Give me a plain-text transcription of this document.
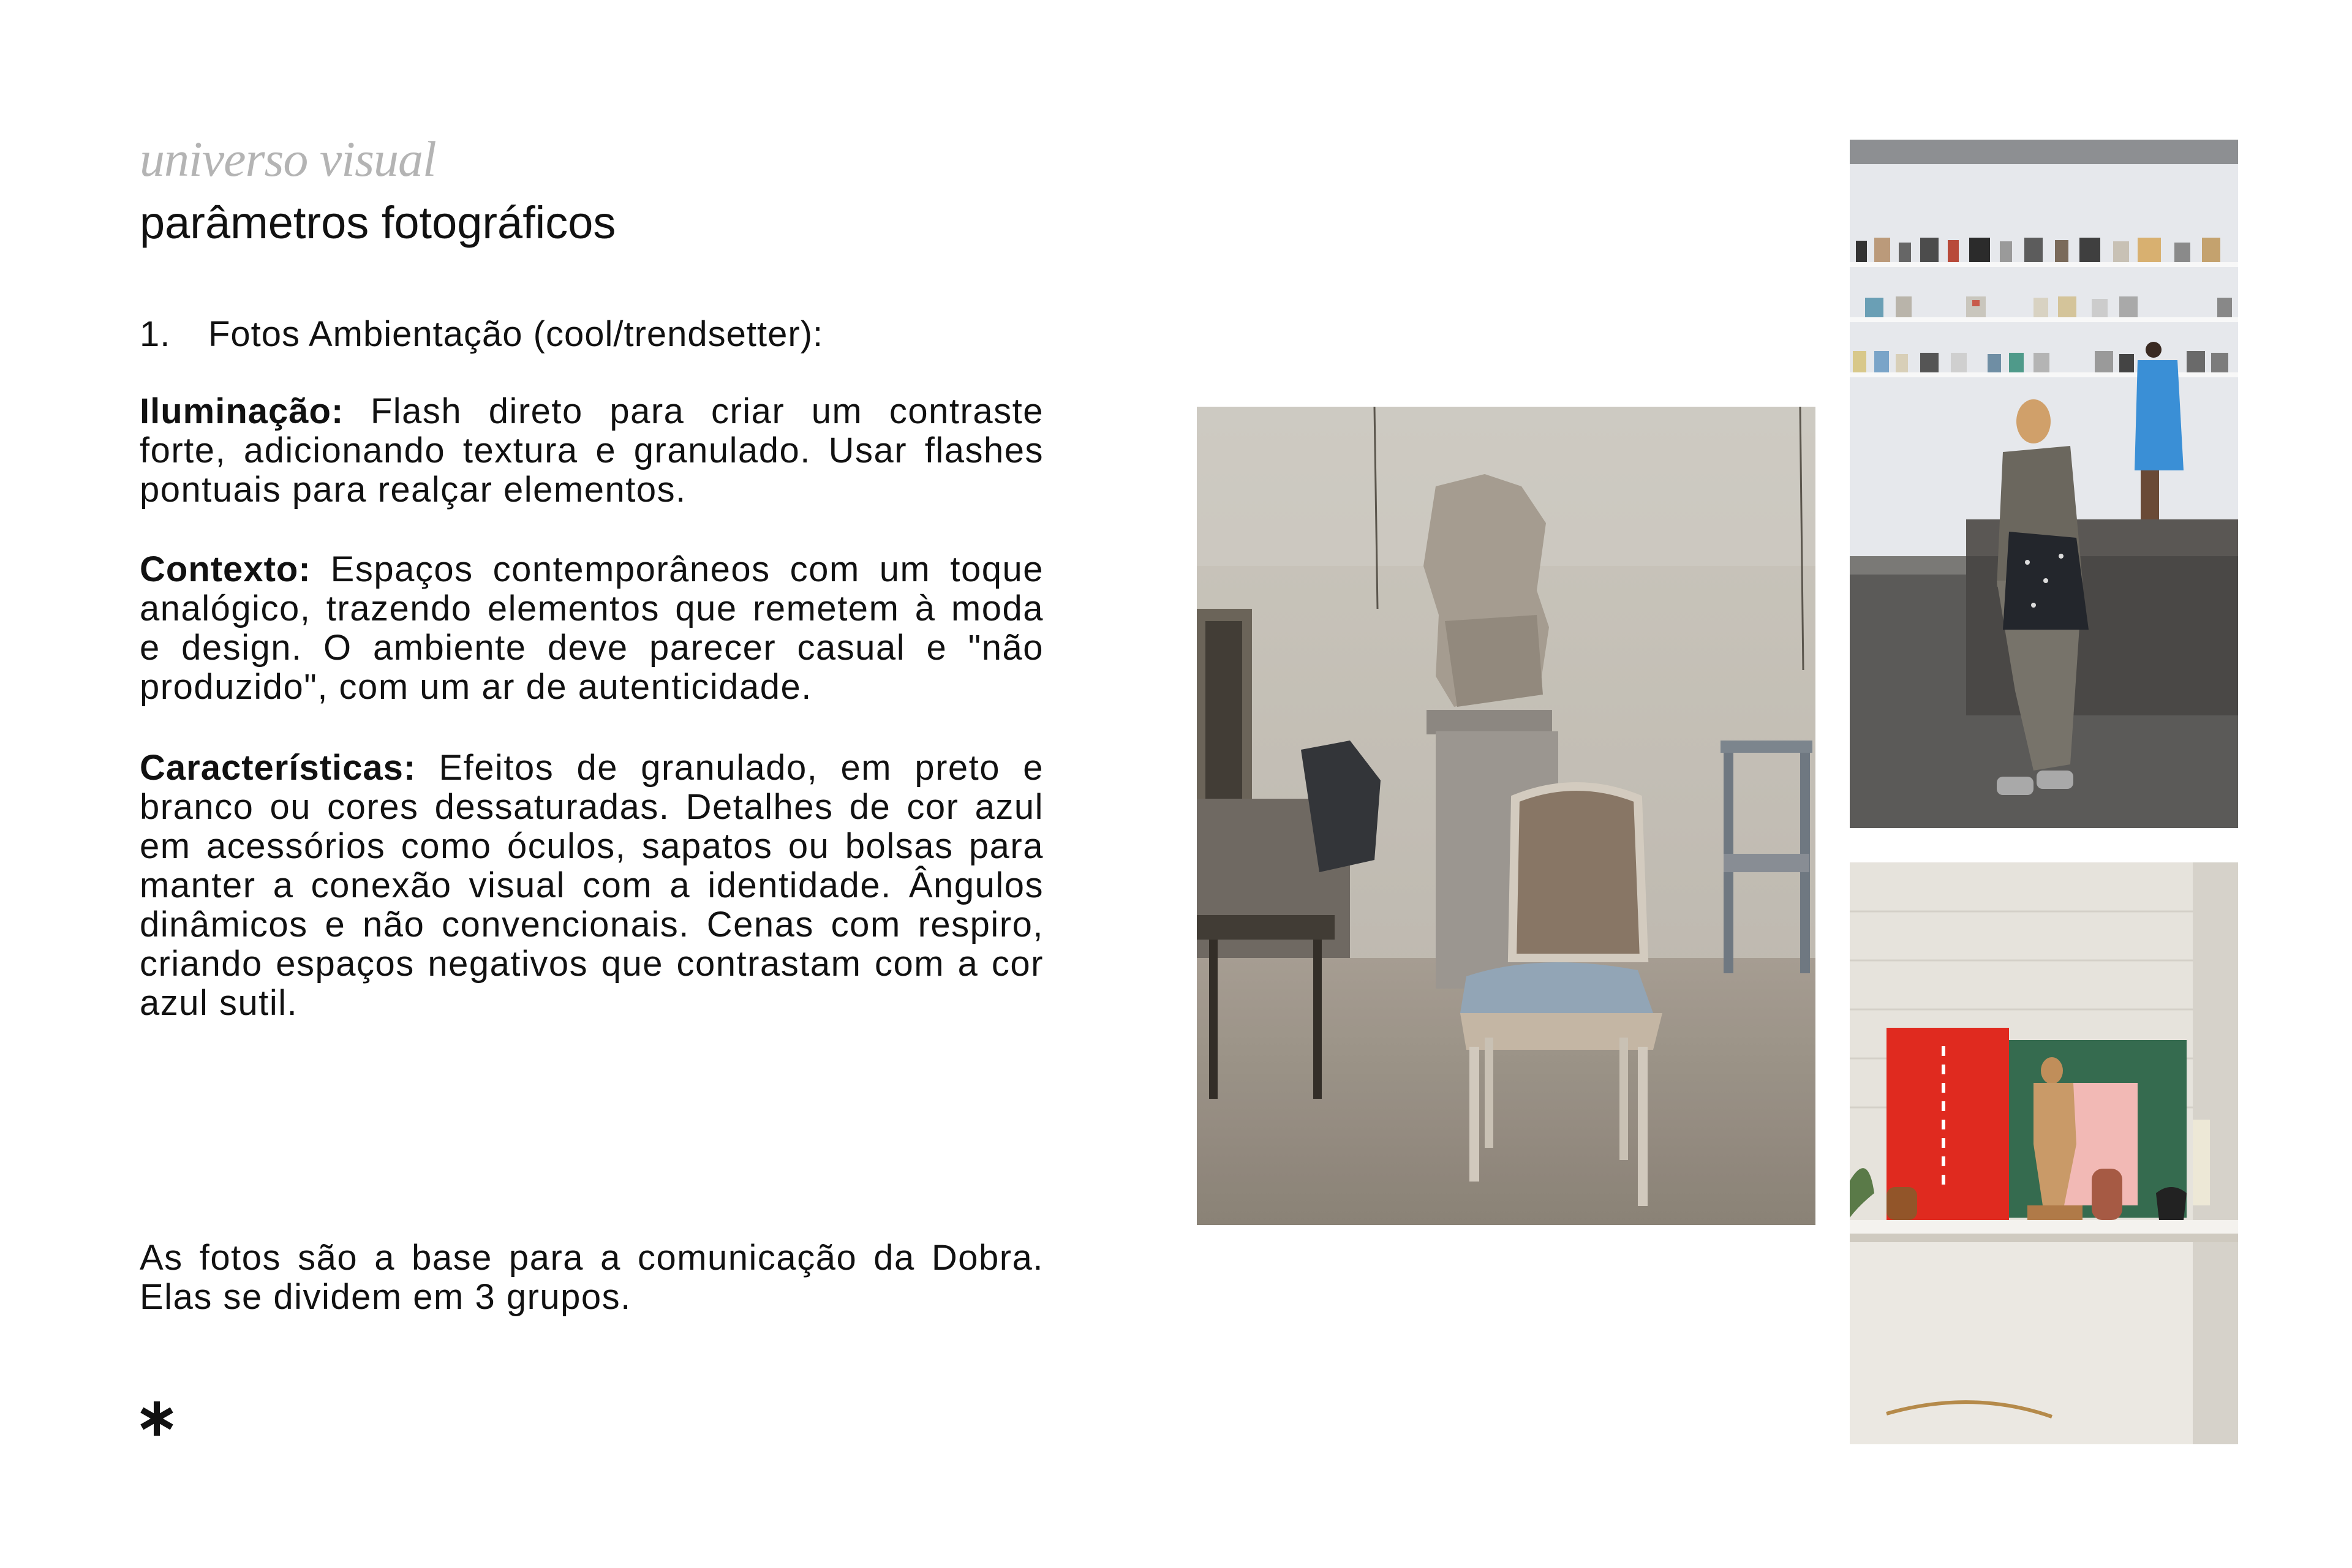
universo visual
parâmetros fotográficos

1. Fotos Ambientação (cool/trendsetter):

Iluminação: Flash direto para criar um contraste forte, adicionando textura e granulado. Usar flashes pontuais para realçar elementos.

Contexto: Espaços contemporâneos com um toque analógico, trazendo elementos que remetem à moda e design. O ambiente deve parecer casual e "não produzido", com um ar de autenticidade.

Características: Efeitos de granulado, em preto e branco ou cores dessaturadas. Detalhes de cor azul em acessórios como óculos, sapatos ou bolsas para manter a conexão visual com a identidade. Ângulos dinâmicos e não convencionais. Cenas com respiro, criando espaços negativos que contrastam com a cor azul sutil.

As fotos são a base para a comunicação da Dobra. Elas se dividem em 3 grupos.
